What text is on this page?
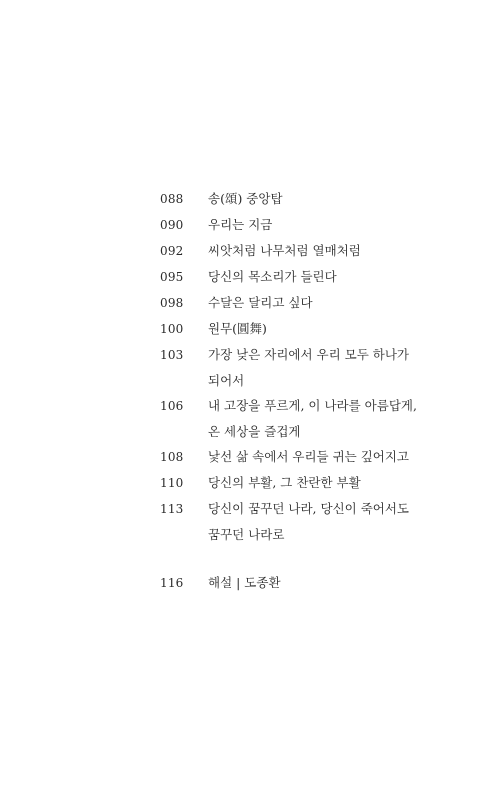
088	송(頌) 중앙탑
090	우리는 지금
092	씨앗처럼 나무처럼 열매처럼
095	당신의 목소리가 들린다
098	수달은 달리고 싶다
100	원무(圓舞)
103	가장 낮은 자리에서 우리 모두 하나가
되어서
106	내 고장을 푸르게, 이 나라를 아름답게,
온 세상을 즐겁게
108	낯선 삶 속에서 우리들 귀는 깊어지고
110	당신의 부활, 그 찬란한 부활
113	당신이 꿈꾸던 나라, 당신이 죽어서도
꿈꾸던 나라로
116	해설 | 도종환
